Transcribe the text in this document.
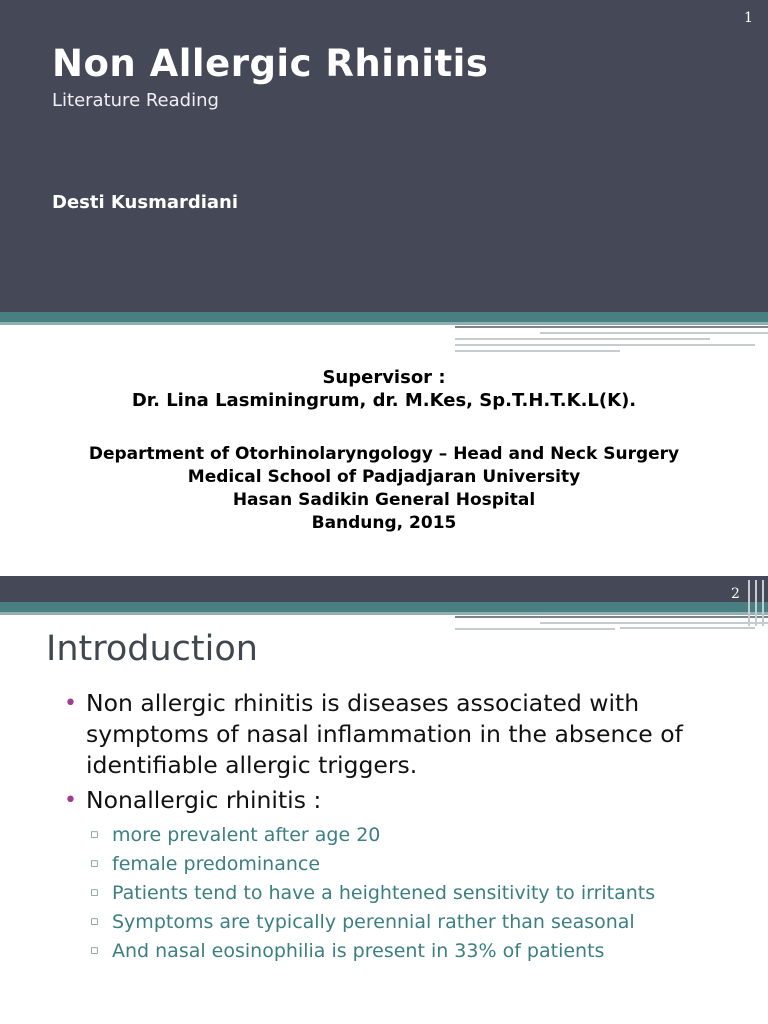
1
Non Allergic Rhinitis
Literature Reading
Desti Kusmardiani
Supervisor :
Dr. Lina Lasminingrum, dr. M.Kes, Sp.T.H.T.K.L(K).
Department of Otorhinolaryngology – Head and Neck Surgery
Medical School of Padjadjaran University
Hasan Sadikin General Hospital
Bandung, 2015
2
Introduction
• Non allergic rhinitis is diseases associated with symptoms of nasal inflammation in the absence of identifiable allergic triggers.
• Nonallergic rhinitis :
▫ more prevalent after age 20
▫ female predominance
▫ Patients tend to have a heightened sensitivity to irritants
▫ Symptoms are typically perennial rather than seasonal
▫ And nasal eosinophilia is present in 33% of patients
